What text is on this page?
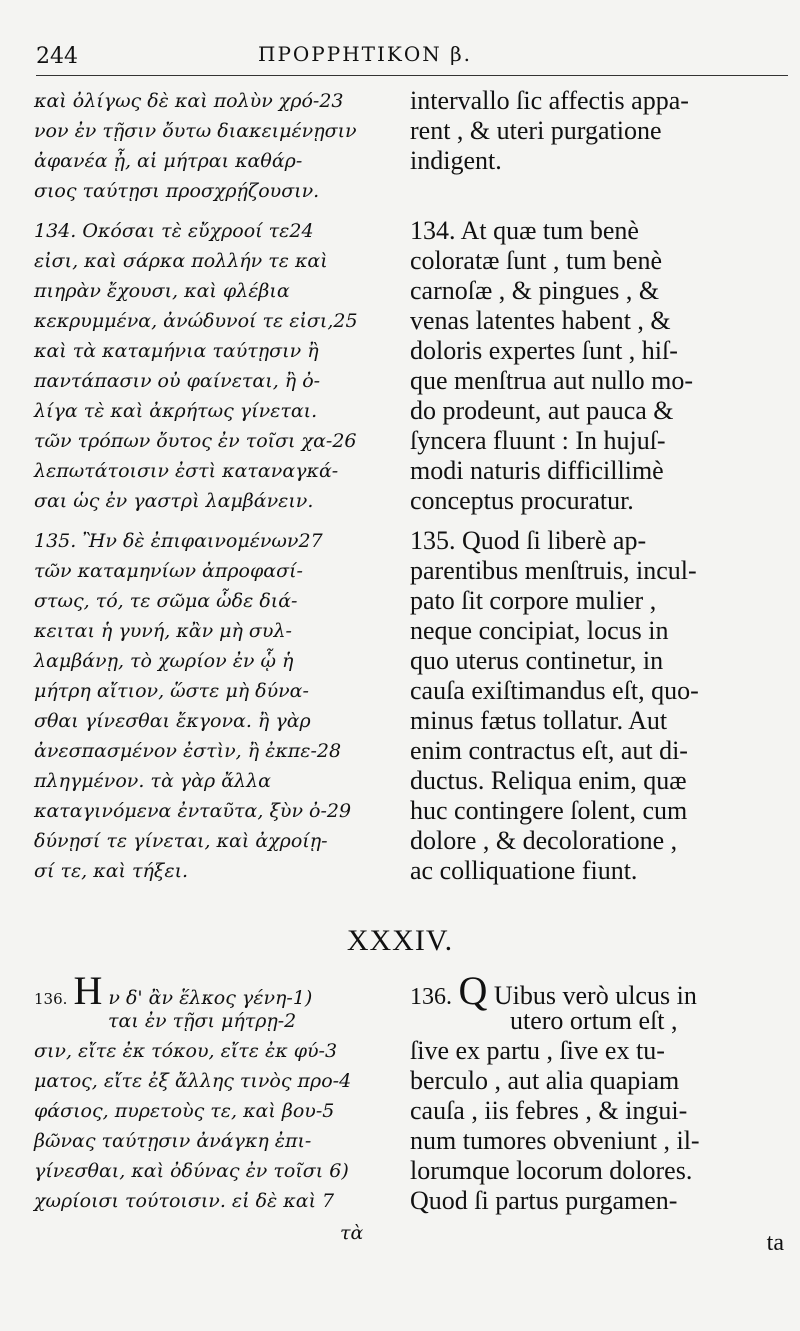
244	ΠΡΟΡΡΗΤΙΚΟΝ β.
καὶ ὀλίγως δὲ καὶ πολὺν χρό-23
νον ἐν τῇσιν ὄυτω διακειμένῃσιν
ἀφανέα ᾖ, αἱ μήτραι καθάρ-
σιος ταύτῃσι προσχρῄζουσιν.
134. Οκόσαι τὲ εὔχροοί τε24
εἰσι, καὶ σάρκα πολλήν τε καὶ
πιηρὰν ἔχουσι, καὶ φλέβια
κεκρυμμένα, ἀνώδυνοί τε εἰσι,25
καὶ τὰ καταμήνια ταύτῃσιν ἢ
παντάπασιν οὐ φαίνεται, ἢ ὀ-
λίγα τὲ καὶ ἀκρήτως γίνεται.
τῶν τρόπων ὄυτος ἐν τοῖσι χα-26
λεπωτάτοισιν ἐστὶ καταναγκά-
σαι ὡς ἐν γαστρὶ λαμβάνειν.
135. Ἢν δὲ ἐπιφαινομένων27
τῶν καταμηνίων ἀπροφασί-
στως, τό, τε σῶμα ὧδε διά-
κειται ἡ γυνή, κἂν μὴ συλ-
λαμβάνῃ, τὸ χωρίον ἐν ᾧ ἡ
μήτρη αἴτιον, ὥστε μὴ δύνα-
σθαι γίνεσθαι ἔκγονα. ἢ γὰρ
ἀνεσπασμένον ἐστὶν, ἢ ἐκπε-28
πληγμένον. τὰ γὰρ ἄλλα
καταγινόμενα ἐνταῦτα, ξὺν ὀ-29
δύνῃσί τε γίνεται, καὶ ἀχροίῃ-
σί τε, καὶ τήξει.
intervallo ſic affectis appa-
rent , & uteri purgatione
indigent.
134. At quæ tum benè
coloratæ ſunt , tum benè
carnoſæ , & pingues , &
venas latentes habent , &
doloris expertes ſunt , hiſ-
que menſtrua aut nullo mo-
do prodeunt, aut pauca &
ſyncera fluunt : In hujuſ-
modi naturis difficillimè
conceptus procuratur.
135. Quod ſi liberè ap-
parentibus menſtruis, incul-
pato ſit corpore mulier ,
neque concipiat, locus in
quo uterus continetur, in
cauſa exiſtimandus eſt, quo-
minus fætus tollatur. Aut
enim contractus eſt, aut di-
ductus. Reliqua enim, quæ
huc contingere ſolent, cum
dolore , & decoloratione ,
ac colliquatione fiunt.
XXXIV.
136. Η ν δ' ἂν ἕλκος γένη-1)
ται ἐν τῇσι μήτρῃ-2
σιν, εἴτε ἐκ τόκου, εἴτε ἐκ φύ-3
ματος, εἴτε ἐξ ἄλλης τινὸς προ-4
φάσιος, πυρετοὺς τε, καὶ βου-5
βῶνας ταύτῃσιν ἀνάγκη ἐπι-
γίνεσθαι, καὶ ὀδύνας ἐν τοῖσι 6)
χωρίοισι τούτοισιν. εἰ δὲ καὶ 7
τὰ
136. Q Uibus verò ulcus in
utero ortum eſt ,
ſive ex partu , ſive ex tu-
berculo , aut alia quapiam
cauſa , iis febres , & ingui-
num tumores obveniunt , il-
lorumque locorum dolores.
Quod ſi partus purgamen-
ta
